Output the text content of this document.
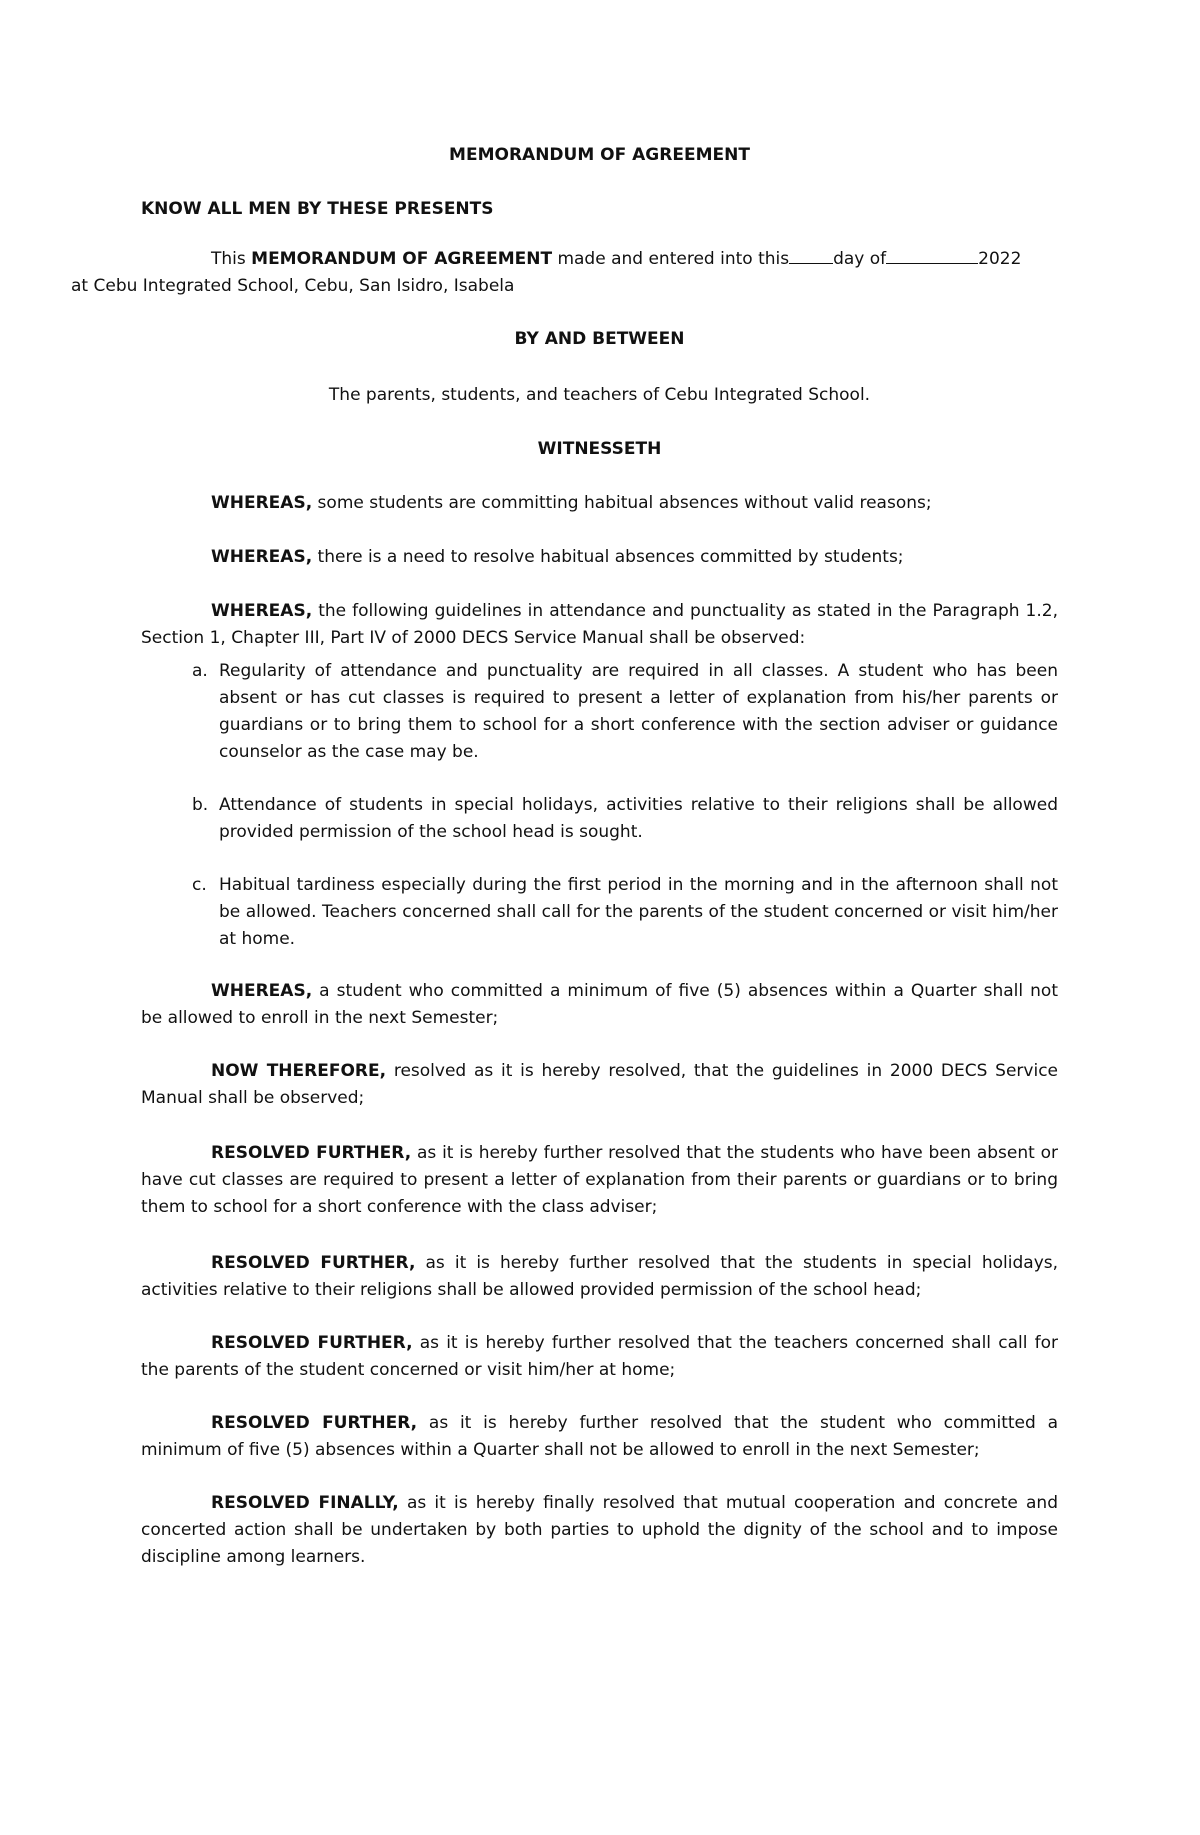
MEMORANDUM OF AGREEMENT
KNOW ALL MEN BY THESE PRESENTS
This MEMORANDUM OF AGREEMENT made and entered into this	day of	2022
at Cebu Integrated School, Cebu, San Isidro, Isabela
BY AND BETWEEN
The parents, students, and teachers of Cebu Integrated School.
WITNESSETH
WHEREAS, some students are committing habitual absences without valid reasons;
WHEREAS, there is a need to resolve habitual absences committed by students;
WHEREAS, the following guidelines in attendance and punctuality as stated in the Paragraph 1.2, Section 1, Chapter III, Part IV of 2000 DECS Service Manual shall be observed:
a. Regularity of attendance and punctuality are required in all classes. A student who has been absent or has cut classes is required to present a letter of explanation from his/her parents or guardians or to bring them to school for a short conference with the section adviser or guidance counselor as the case may be.
b. Attendance of students in special holidays, activities relative to their religions shall be allowed provided permission of the school head is sought.
c. Habitual tardiness especially during the first period in the morning and in the afternoon shall not be allowed. Teachers concerned shall call for the parents of the student concerned or visit him/her at home.
WHEREAS, a student who committed a minimum of five (5) absences within a Quarter shall not be allowed to enroll in the next Semester;
NOW THEREFORE, resolved as it is hereby resolved, that the guidelines in 2000 DECS Service Manual shall be observed;
RESOLVED FURTHER, as it is hereby further resolved that the students who have been absent or have cut classes are required to present a letter of explanation from their parents or guardians or to bring them to school for a short conference with the class adviser;
RESOLVED FURTHER, as it is hereby further resolved that the students in special holidays, activities relative to their religions shall be allowed provided permission of the school head;
RESOLVED FURTHER, as it is hereby further resolved that the teachers concerned shall call for the parents of the student concerned or visit him/her at home;
RESOLVED FURTHER, as it is hereby further resolved that the student who committed a minimum of five (5) absences within a Quarter shall not be allowed to enroll in the next Semester;
RESOLVED FINALLY, as it is hereby finally resolved that mutual cooperation and concrete and concerted action shall be undertaken by both parties to uphold the dignity of the school and to impose discipline among learners.
